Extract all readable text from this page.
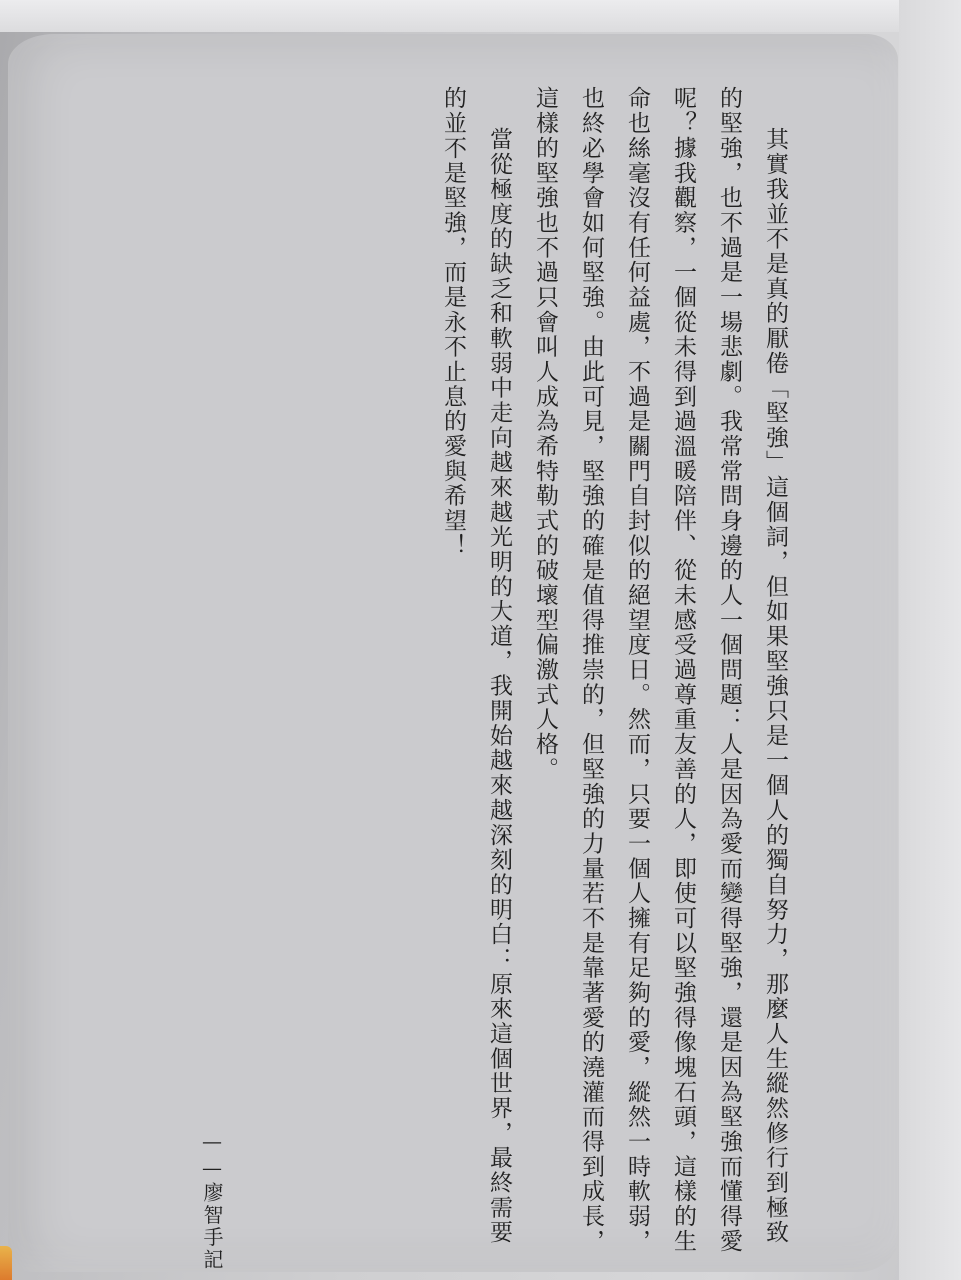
其實我並不是真的厭倦「堅強」這個詞，但如果堅強只是一個人的獨自努力，那麼人生縱然修行到極致的堅強，也不過是一場悲劇。我常常問身邊的人一個問題：人是因為愛而變得堅強，還是因為堅強而懂得愛呢？據我觀察，一個從未得到過溫暖陪伴、從未感受過尊重友善的人，即使可以堅強得像塊石頭，這樣的生命也絲毫沒有任何益處，不過是關門自封似的絕望度日。然而，只要一個人擁有足夠的愛，縱然一時軟弱，也終必學會如何堅強。由此可見，堅強的確是值得推崇的，但堅強的力量若不是靠著愛的澆灌而得到成長，這樣的堅強也不過只會叫人成為希特勒式的破壞型偏激式人格。

當從極度的缺乏和軟弱中走向越來越光明的大道，我開始越來越深刻的明白：原來這個世界，最終需要的並不是堅強，而是永不止息的愛與希望！

——廖智手記
